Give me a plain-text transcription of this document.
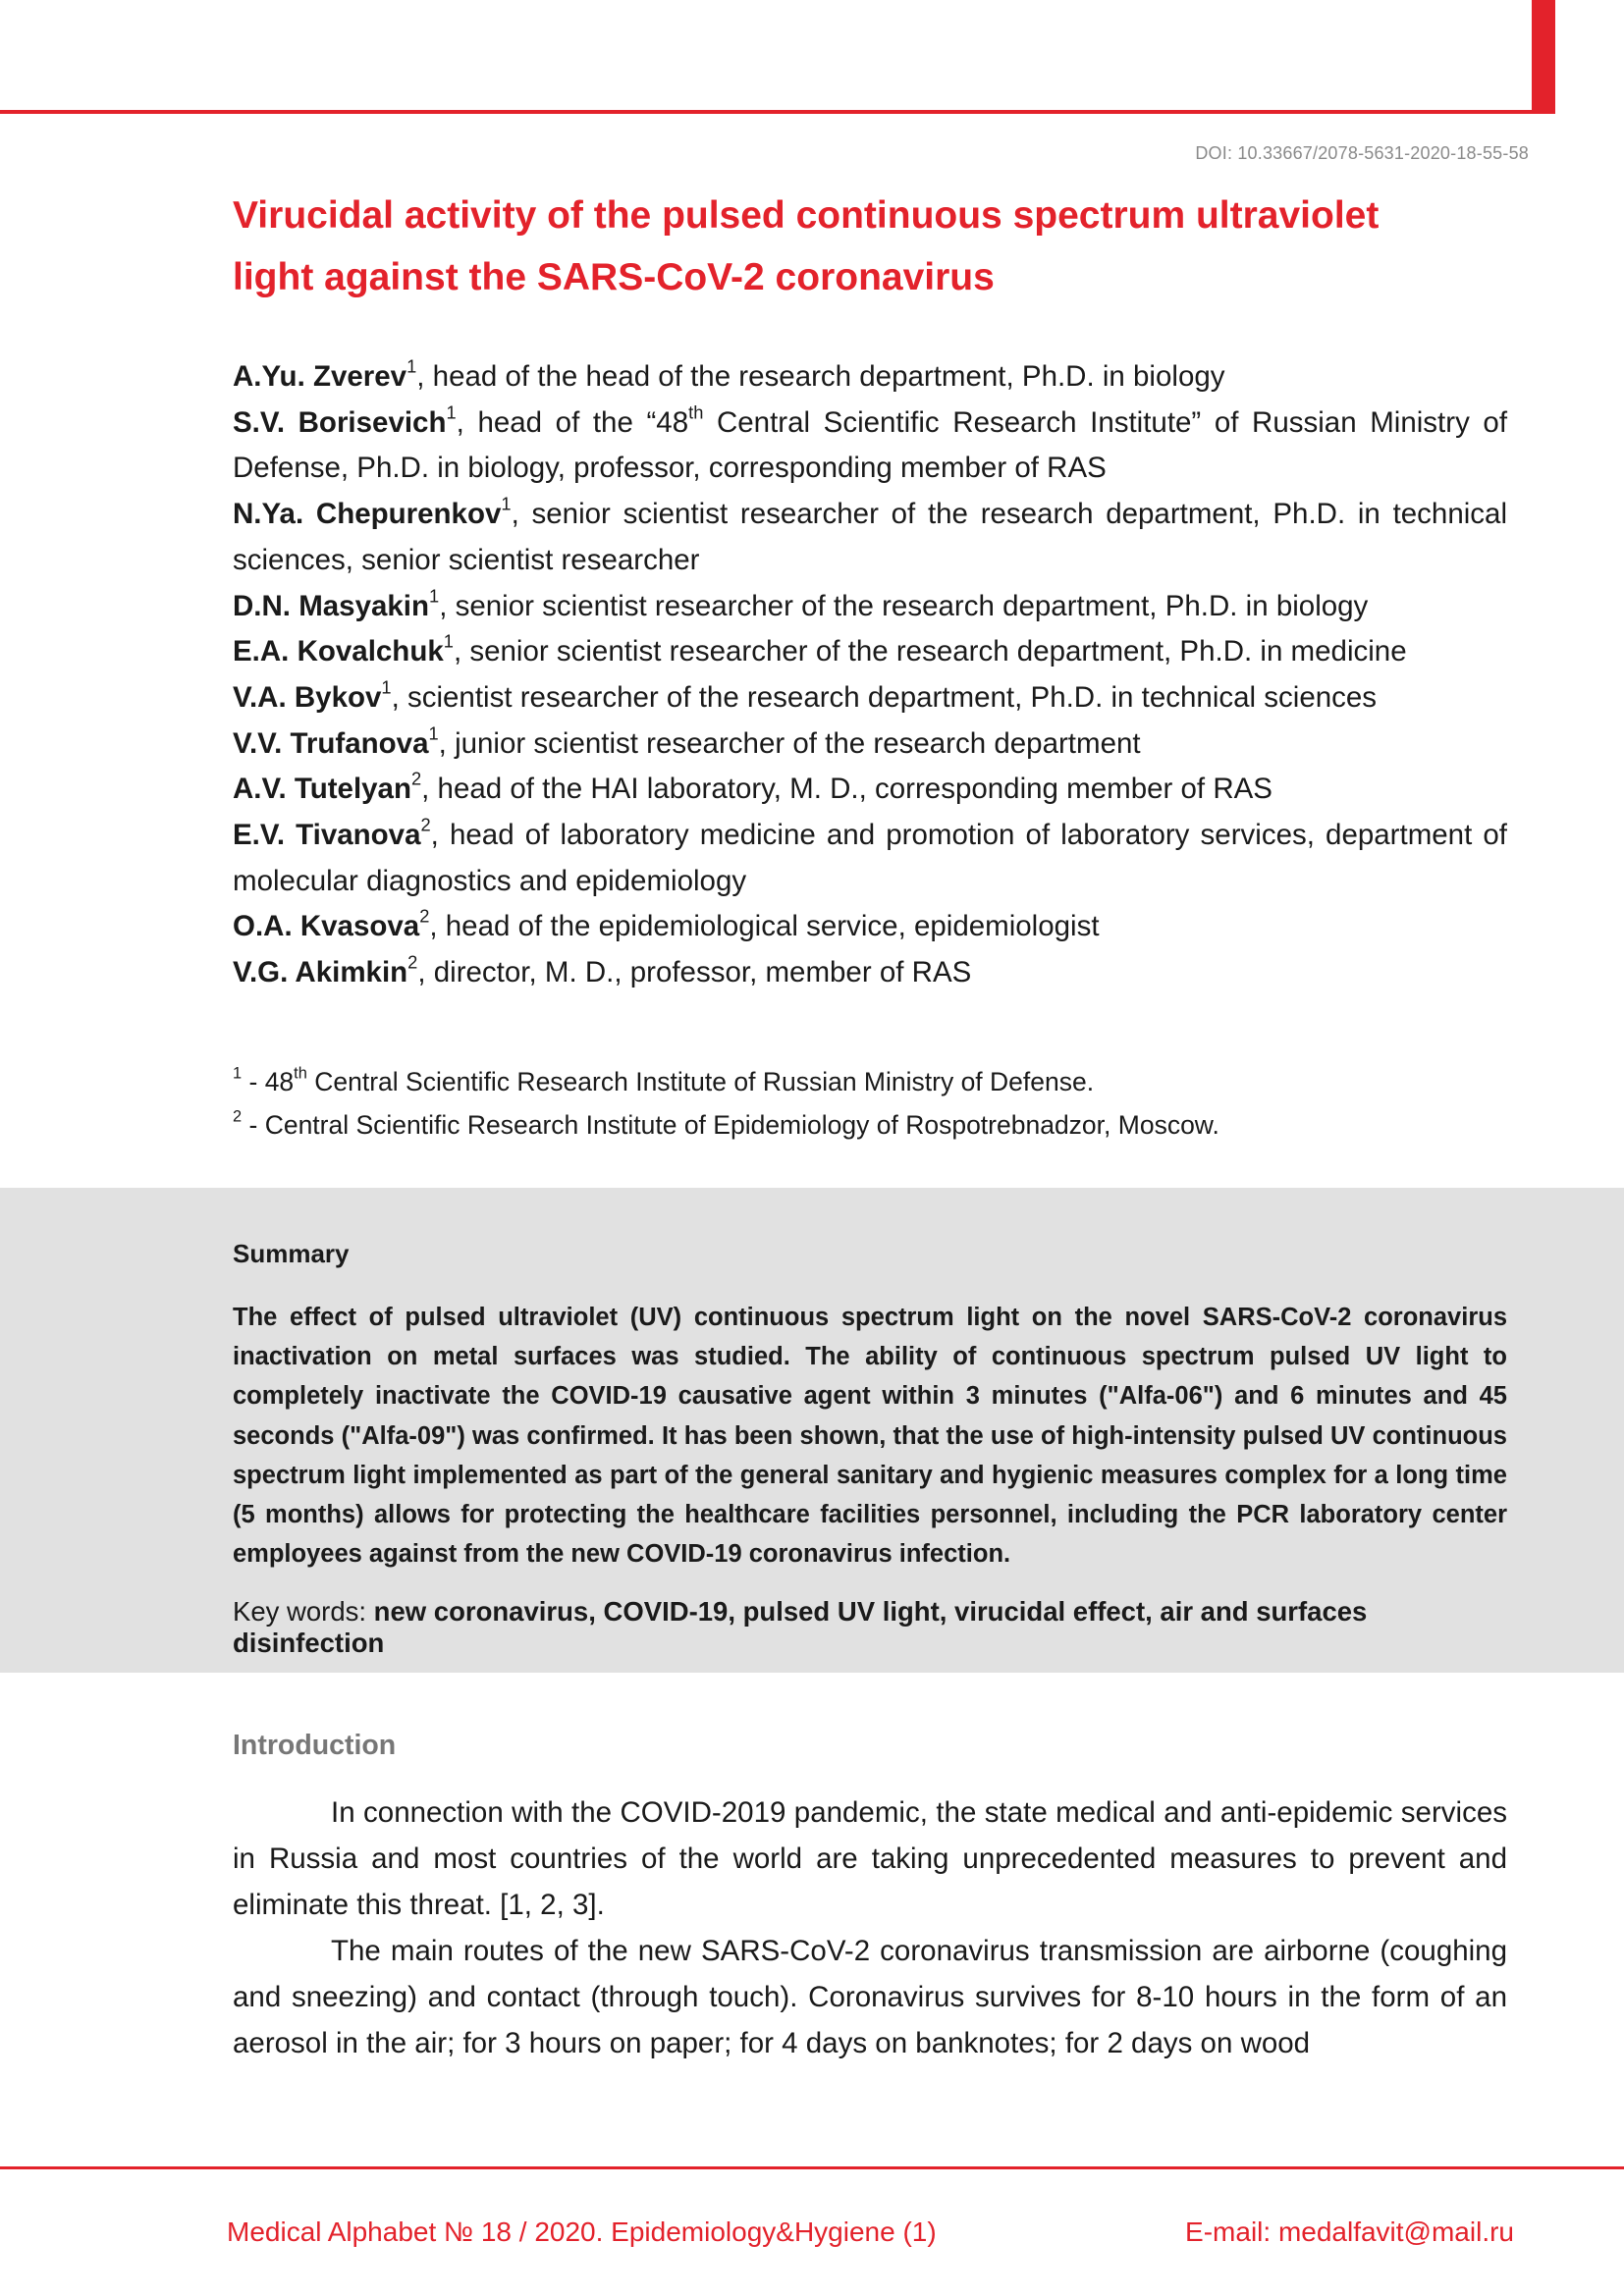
DOI: 10.33667/2078-5631-2020-18-55-58
Virucidal activity of the pulsed continuous spectrum ultraviolet light against the SARS-CoV-2 coronavirus
A.Yu. Zverev$^1$, head of the head of the research department, Ph.D. in biology
S.V. Borisevich$^1$, head of the “48th Central Scientific Research Institute” of Russian Ministry of Defense, Ph.D. in biology, professor, corresponding member of RAS
N.Ya. Chepurenkov$^1$, senior scientist researcher of the research department, Ph.D. in technical sciences, senior scientist researcher
D.N. Masyakin$^1$, senior scientist researcher of the research department, Ph.D. in biology
E.A. Kovalchuk$^1$, senior scientist researcher of the research department, Ph.D. in medicine
V.A. Bykov$^1$, scientist researcher of the research department, Ph.D. in technical sciences
V.V. Trufanova$^1$, junior scientist researcher of the research department
A.V. Tutelyan$^2$, head of the HAI laboratory, M. D., corresponding member of RAS
E.V. Tivanova$^2$, head of laboratory medicine and promotion of laboratory services, department of molecular diagnostics and epidemiology
O.A. Kvasova$^2$, head of the epidemiological service, epidemiologist
V.G. Akimkin$^2$, director, M. D., professor, member of RAS
$^1$ - 48th Central Scientific Research Institute of Russian Ministry of Defense.
$^2$ - Central Scientific Research Institute of Epidemiology of Rospotrebnadzor, Moscow.
Summary
The effect of pulsed ultraviolet (UV) continuous spectrum light on the novel SARS-CoV-2 coronavirus inactivation on metal surfaces was studied. The ability of continuous spectrum pulsed UV light to completely inactivate the COVID-19 causative agent within 3 minutes ("Alfa-06") and 6 minutes and 45 seconds ("Alfa-09") was confirmed. It has been shown, that the use of high-intensity pulsed UV continuous spectrum light implemented as part of the general sanitary and hygienic measures complex for a long time (5 months) allows for protecting the healthcare facilities personnel, including the PCR laboratory center employees against from the new COVID-19 coronavirus infection.
Key words: new coronavirus, COVID-19, pulsed UV light, virucidal effect, air and surfaces disinfection
Introduction

In connection with the COVID-2019 pandemic, the state medical and anti-epidemic services in Russia and most countries of the world are taking unprecedented measures to prevent and eliminate this threat. [1, 2, 3].

The main routes of the new SARS-CoV-2 coronavirus transmission are airborne (coughing and sneezing) and contact (through touch). Coronavirus survives for 8-10 hours in the form of an aerosol in the air; for 3 hours on paper; for 4 days on banknotes; for 2 days on wood

Medical Alphabet № 18 / 2020. Epidemiology&Hygiene (1)	E-mail: medalfavit@mail.ru
